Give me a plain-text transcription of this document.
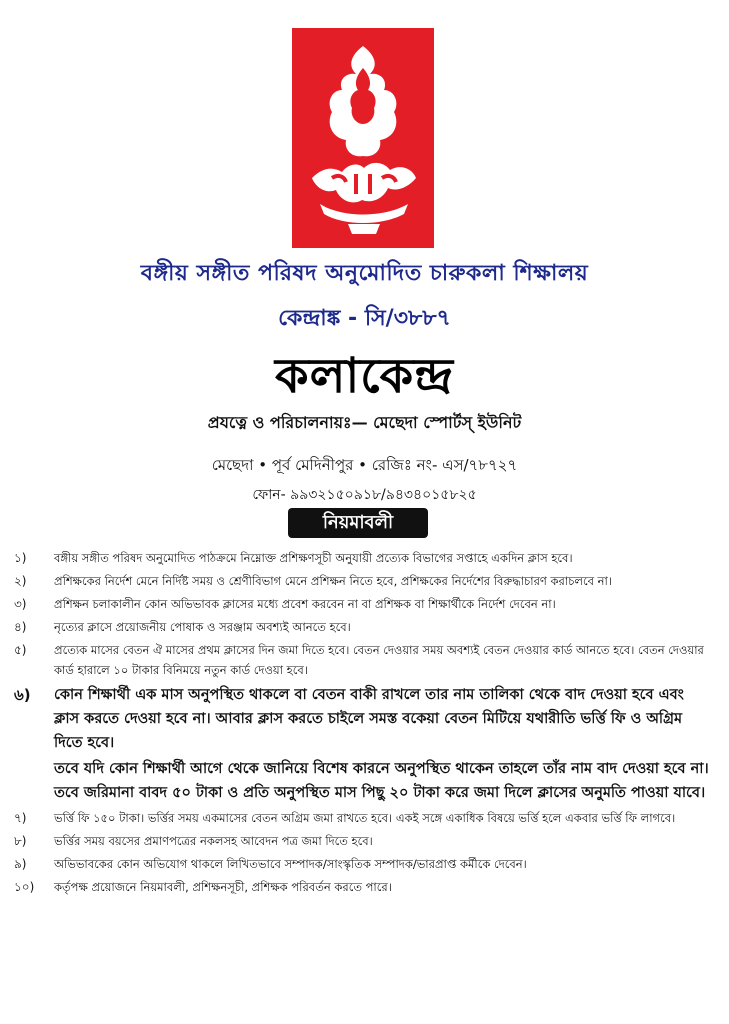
বঙ্গীয় সঙ্গীত পরিষদ অনুমোদিত চারুকলা শিক্ষালয়
কেন্দ্রাঙ্ক - সি/৩৮৮৭
কলাকেন্দ্র
প্রযত্নে ও পরিচালনায়ঃ— মেছেদা স্পোর্টস্ ইউনিট
মেছেদা • পূর্ব মেদিনীপুর • রেজিঃ নং- এস/৭৮৭২৭
ফোন- ৯৯৩২১৫০৯১৮/৯৪৩৪০১৫৮২৫
নিয়মাবলী
১)	বঙ্গীয় সঙ্গীত পরিষদ অনুমোদিত পাঠক্রমে নিম্নোক্ত প্রশিক্ষণসূচী অনুযায়ী প্রত্যেক বিভাগের সপ্তাহে একদিন ক্লাস হবে।
২)	প্রশিক্ষকের নির্দেশ মেনে নির্দিষ্ট সময় ও শ্রেণীবিভাগ মেনে প্রশিক্ষন নিতে হবে, প্রশিক্ষকের নির্দেশের বিরুদ্ধাচারণ করাচলবে না।
৩)	প্রশিক্ষন চলাকালীন কোন অভিভাবক ক্লাসের মধ্যে প্রবেশ করবেন না বা প্রশিক্ষক বা শিক্ষার্থীকে নির্দেশ দেবেন না।
৪)	নৃত্যের ক্লাসে প্রয়োজনীয় পোষাক ও সরঞ্জাম অবশ্যই আনতে হবে।
৫)	প্রত্যেক মাসের বেতন ঐ মাসের প্রথম ক্লাসের দিন জমা দিতে হবে। বেতন দেওয়ার সময় অবশ্যই বেতন দেওয়ার কার্ড আনতে হবে। বেতন দেওয়ার কার্ড হারালে ১০ টাকার বিনিময়ে নতুন কার্ড দেওয়া হবে।
৬)	কোন শিক্ষার্থী এক মাস অনুপস্থিত থাকলে বা বেতন বাকী রাখলে তার নাম তালিকা থেকে বাদ দেওয়া হবে এবং ক্লাস করতে দেওয়া হবে না। আবার ক্লাস করতে চাইলে সমস্ত বকেয়া বেতন মিটিয়ে যথারীতি ভর্ত্তি ফি ও অগ্রিম দিতে হবে।
তবে যদি কোন শিক্ষার্থী আগে থেকে জানিয়ে বিশেষ কারনে অনুপস্থিত থাকেন তাহলে তাঁর নাম বাদ দেওয়া হবে না। তবে জরিমানা বাবদ ৫০ টাকা ও প্রতি অনুপস্থিত মাস পিছু ২০ টাকা করে জমা দিলে ক্লাসের অনুমতি পাওয়া যাবে।
৭)	ভর্ত্তি ফি ১৫০ টাকা। ভর্ত্তির সময় একমাসের বেতন অগ্রিম জমা রাখতে হবে। একই সঙ্গে একাধিক বিষয়ে ভর্ত্তি হলে একবার ভর্ত্তি ফি লাগবে।
৮)	ভর্ত্তির সময় বয়সের প্রমাণপত্রের নকলসহ আবেদন পত্র জমা দিতে হবে।
৯)	অভিভাবকের কোন অভিযোগ থাকলে লিখিতভাবে সম্পাদক/সাংস্কৃতিক সম্পাদক/ভারপ্রাপ্ত কর্মীকে দেবেন।
১০)	কর্তৃপক্ষ প্রয়োজনে নিয়মাবলী, প্রশিক্ষনসূচী, প্রশিক্ষক পরিবর্তন করতে পারে।
